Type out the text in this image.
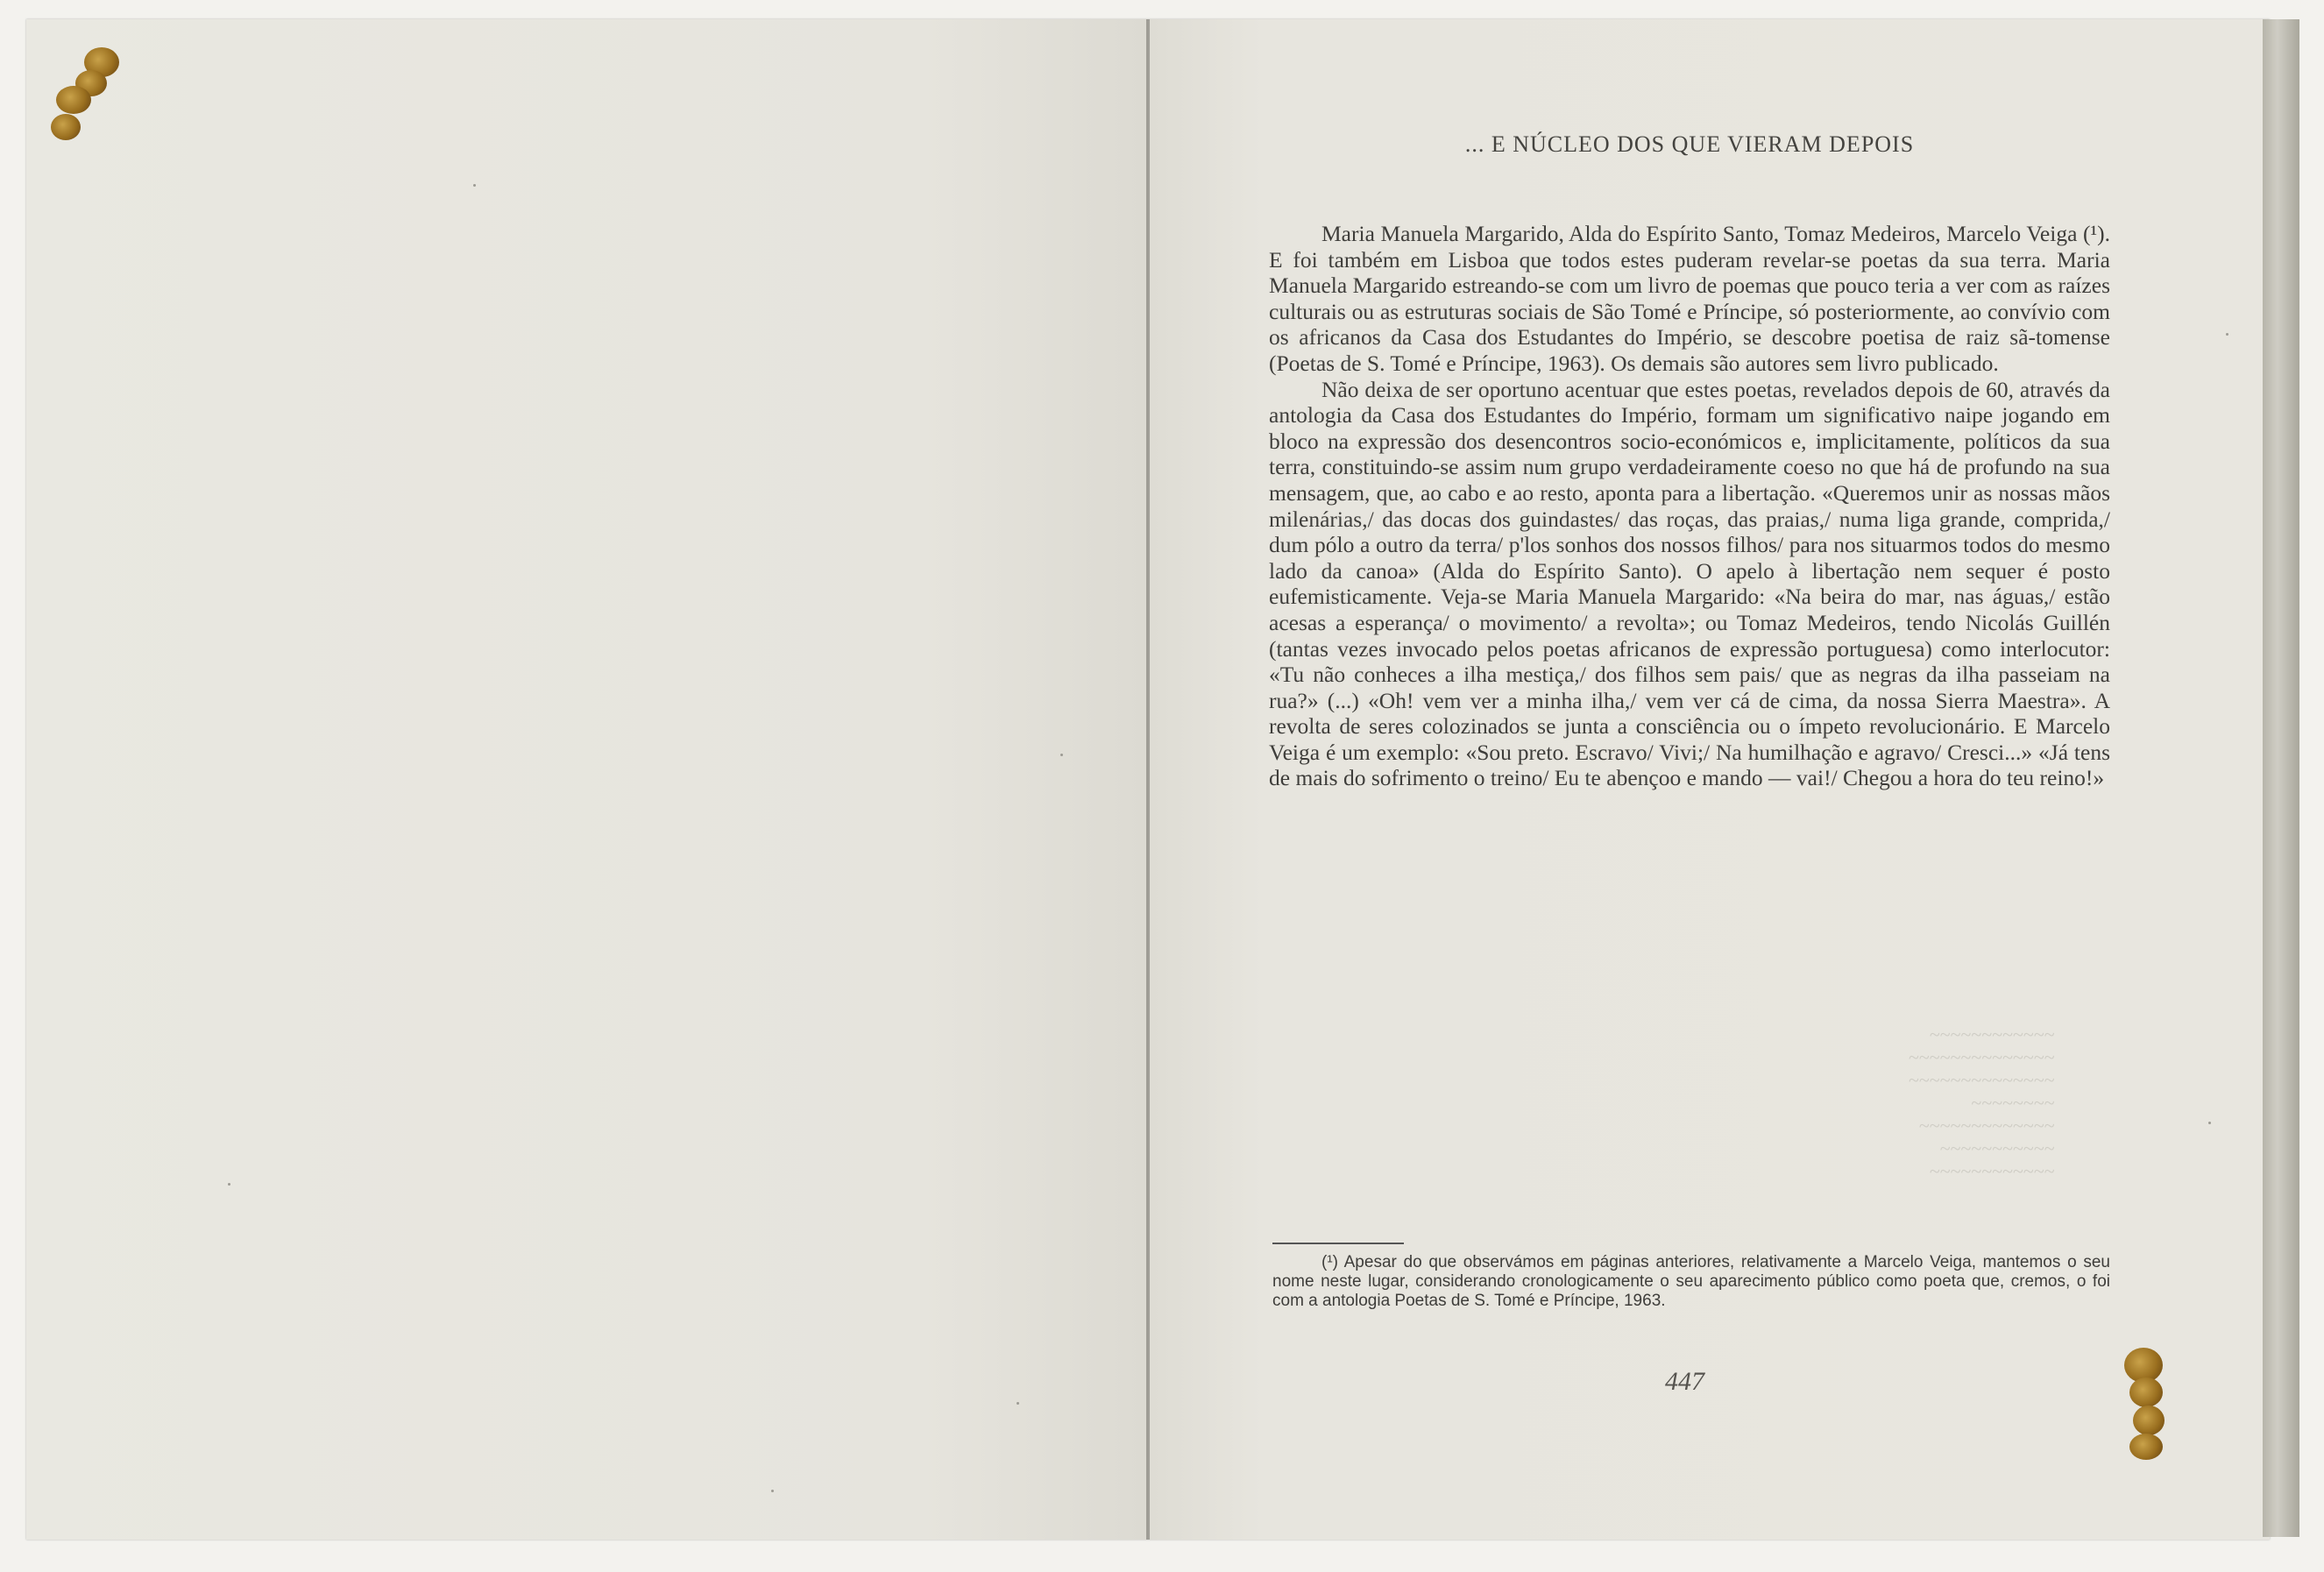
~~~~~~~~~~~~
~~~~~~~~~~~~~~
~~~~~~~~~~~~~~
~~~~~~~~
~~~~~~~~~~~~~
~~~~~~~~~~~
~~~~~~~~~~~~

... E NÚCLEO DOS QUE VIERAM DEPOIS

Maria Manuela Margarido, Alda do Espírito Santo, Tomaz Medeiros, Marcelo Veiga (¹). E foi também em Lisboa que todos estes puderam revelar-se poetas da sua terra. Maria Manuela Margarido estreando-se com um livro de poemas que pouco teria a ver com as raízes culturais ou as estruturas sociais de São Tomé e Príncipe, só posteriormente, ao convívio com os africanos da Casa dos Estudantes do Império, se descobre poetisa de raiz sã-tomense (Poetas de S. Tomé e Príncipe, 1963). Os demais são autores sem livro publicado.

Não deixa de ser oportuno acentuar que estes poetas, revelados depois de 60, através da antologia da Casa dos Estudantes do Império, formam um significativo naipe jogando em bloco na expressão dos desencontros socio-económicos e, implicitamente, políticos da sua terra, constituindo-se assim num grupo verdadeiramente coeso no que há de profundo na sua mensagem, que, ao cabo e ao resto, aponta para a libertação. «Queremos unir as nossas mãos milenárias,/ das docas dos guindastes/ das roças, das praias,/ numa liga grande, comprida,/ dum pólo a outro da terra/ p'los sonhos dos nossos filhos/ para nos situarmos todos do mesmo lado da canoa» (Alda do Espírito Santo). O apelo à libertação nem sequer é posto eufemisticamente. Veja-se Maria Manuela Margarido: «Na beira do mar, nas águas,/ estão acesas a esperança/ o movimento/ a revolta»; ou Tomaz Medeiros, tendo Nicolás Guillén (tantas vezes invocado pelos poetas africanos de expressão portuguesa) como interlocutor: «Tu não conheces a ilha mestiça,/ dos filhos sem pais/ que as negras da ilha passeiam na rua?» (...) «Oh! vem ver a minha ilha,/ vem ver cá de cima, da nossa Sierra Maestra». A revolta de seres colozinados se junta a consciência ou o ímpeto revolucionário. E Marcelo Veiga é um exemplo: «Sou preto. Escravo/ Vivi;/ Na humilhação e agravo/ Cresci...» «Já tens de mais do sofrimento o treino/ Eu te abençoo e mando — vai!/ Chegou a hora do teu reino!»

(¹) Apesar do que observámos em páginas anteriores, relativamente a Marcelo Veiga, mantemos o seu nome neste lugar, considerando cronologicamente o seu aparecimento público como poeta que, cremos, o foi com a antologia Poetas de S. Tomé e Príncipe, 1963.

447
